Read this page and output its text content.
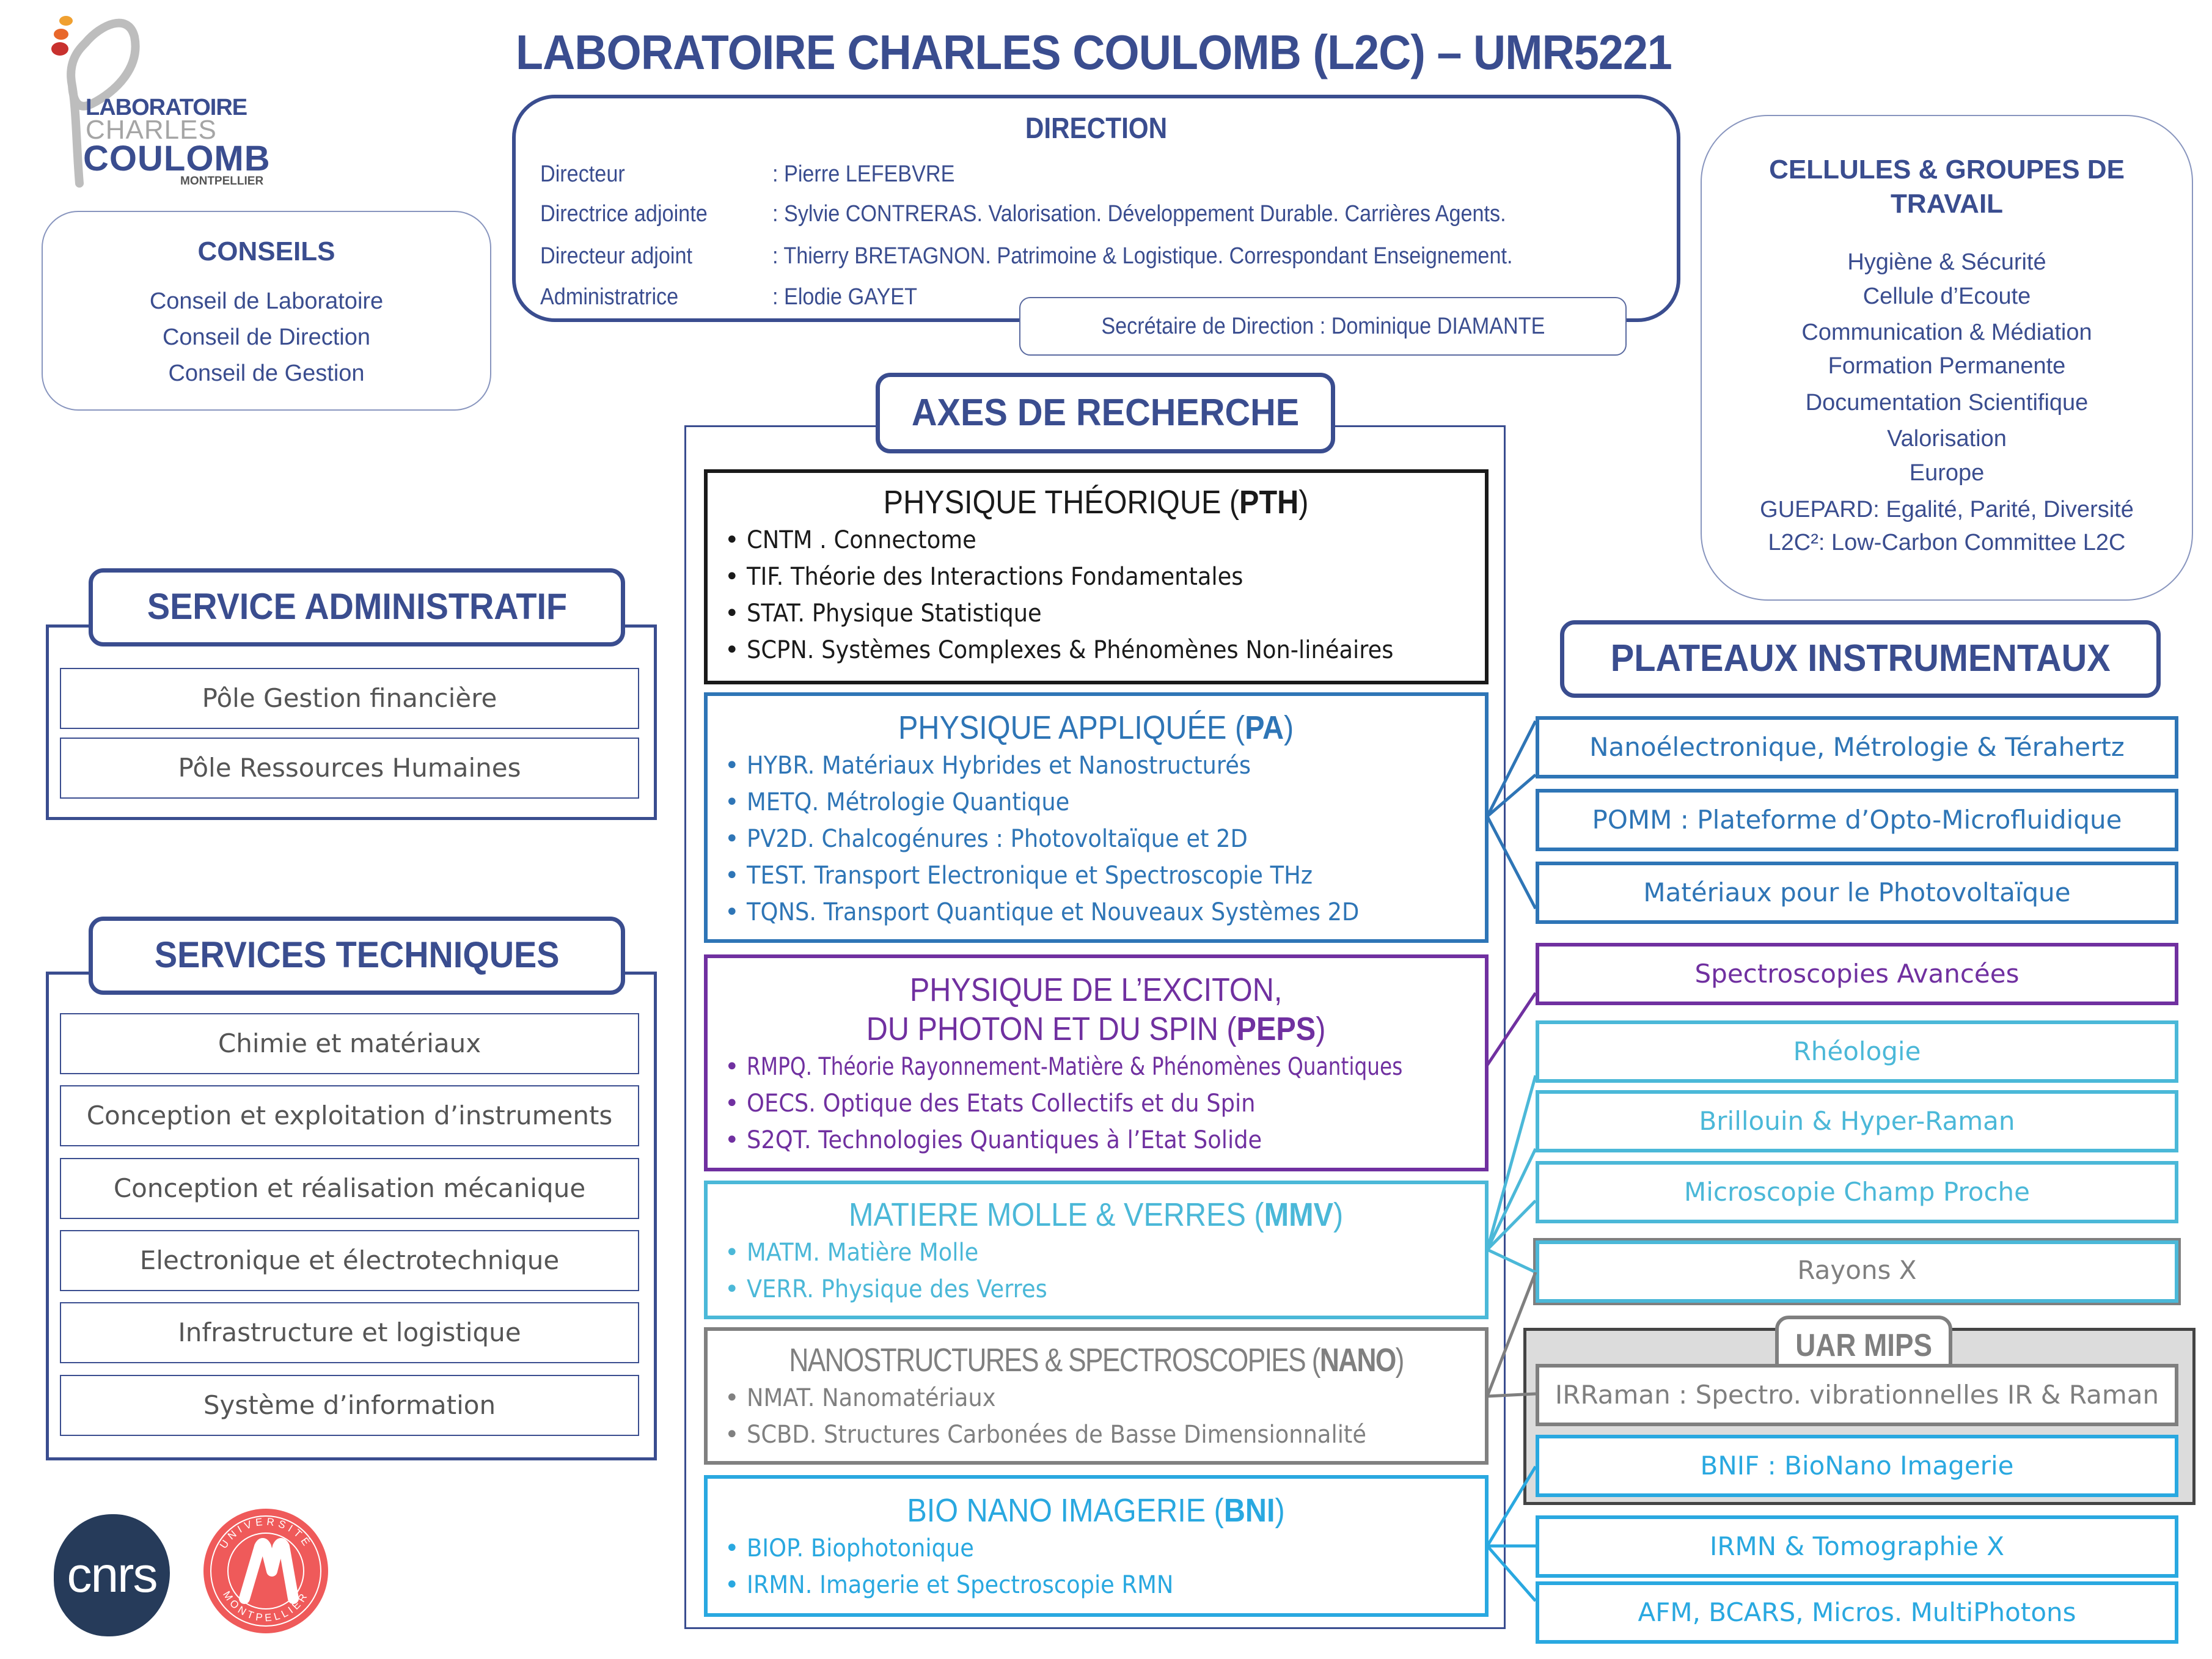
LABORATOIRE CHARLES COULOMB (L2C) – UMR5221
LABORATOIRE
CHARLES
COULOMB
MONTPELLIER
DIRECTION
Directeur	: Pierre LEFEBVRE
Directrice adjointe	: Sylvie CONTRERAS. Valorisation. Développement Durable. Carrières Agents.
Directeur adjoint	: Thierry BRETAGNON. Patrimoine & Logistique. Correspondant Enseignement.
Administratrice	: Elodie GAYET
Secrétaire de Direction : Dominique DIAMANTE
CONSEILS
Conseil de Laboratoire
Conseil de Direction
Conseil de Gestion
CELLULES & GROUPES DE TRAVAIL
Hygiène & Sécurité
Cellule d’Ecoute
Communication & Médiation
Formation Permanente
Documentation Scientifique
Valorisation
Europe
GUEPARD: Egalité, Parité, Diversité
L2C²: Low-Carbon Committee L2C
SERVICE ADMINISTRATIF
Pôle Gestion financière
Pôle Ressources Humaines
SERVICES TECHNIQUES
Chimie et matériaux
Conception et exploitation d’instruments
Conception et réalisation mécanique
Electronique et électrotechnique
Infrastructure et logistique
Système d’information
AXES DE RECHERCHE
PHYSIQUE THÉORIQUE (PTH)
• CNTM . Connectome
• TIF. Théorie des Interactions Fondamentales
• STAT. Physique Statistique
• SCPN. Systèmes Complexes & Phénomènes Non-linéaires
PHYSIQUE APPLIQUÉE (PA)
• HYBR. Matériaux Hybrides et Nanostructurés
• METQ. Métrologie Quantique
• PV2D. Chalcogénures : Photovoltaïque et 2D
• TEST. Transport Electronique et Spectroscopie THz
• TQNS. Transport Quantique et Nouveaux Systèmes 2D
PHYSIQUE DE L’EXCITON,
DU PHOTON ET DU SPIN (PEPS)
• RMPQ. Théorie Rayonnement-Matière & Phénomènes Quantiques
• OECS. Optique des Etats Collectifs et du Spin
• S2QT. Technologies Quantiques à l’Etat Solide
MATIERE MOLLE & VERRES (MMV)
• MATM. Matière Molle
• VERR. Physique des Verres
NANOSTRUCTURES & SPECTROSCOPIES (NANO)
• NMAT. Nanomatériaux
• SCBD. Structures Carbonées de Basse Dimensionnalité
BIO NANO IMAGERIE (BNI)
• BIOP. Biophotonique
• IRMN. Imagerie et Spectroscopie RMN
PLATEAUX INSTRUMENTAUX
UAR MIPS
Nanoélectronique, Métrologie & Térahertz
POMM : Plateforme d’Opto-Microfluidique
Matériaux pour le Photovoltaïque
Spectroscopies Avancées
Rhéologie
Brillouin & Hyper-Raman
Microscopie Champ Proche
Rayons X
IRRaman : Spectro. vibrationnelles IR & Raman
BNIF : BioNano Imagerie
IRMN & Tomographie X
AFM, BCARS, Micros. MultiPhotons
cnrs
UNIVERSITÉ
MONTPELLIER
